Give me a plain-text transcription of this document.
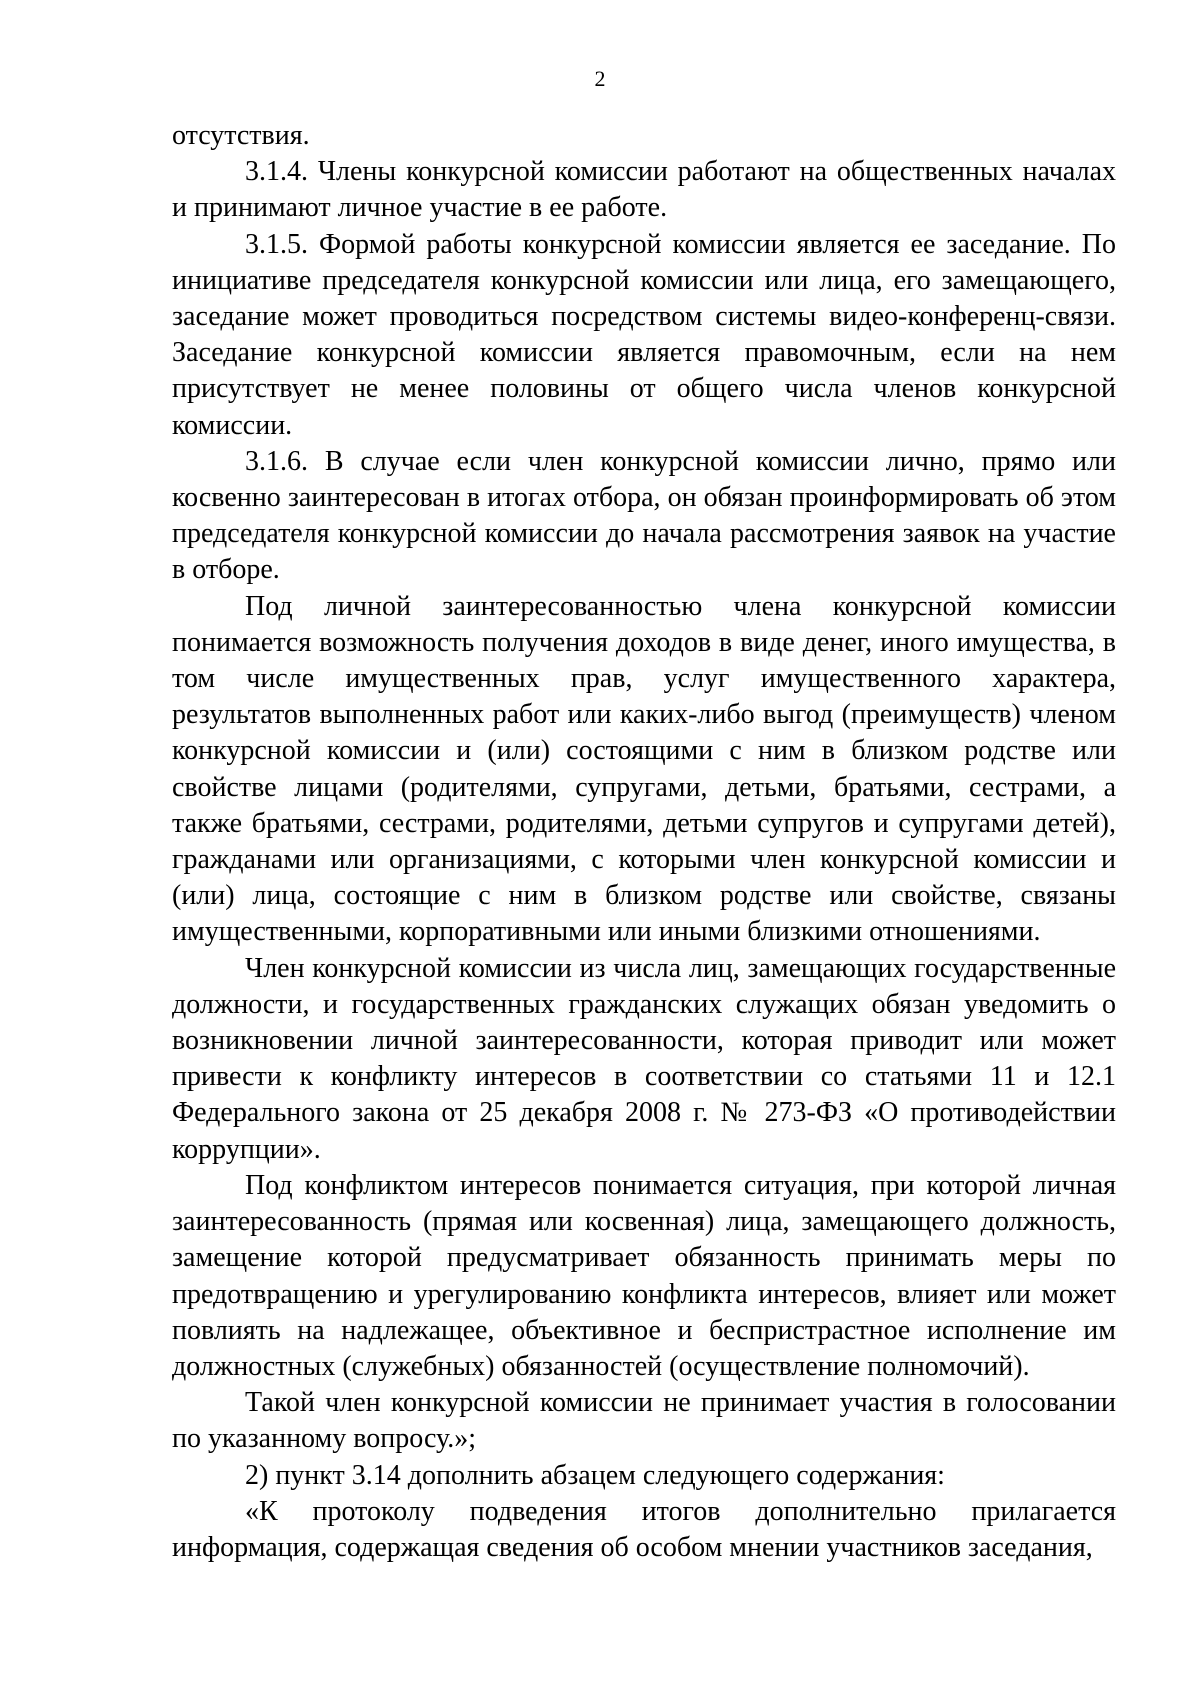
2

отсутствия.

3.1.4. Члены конкурсной комиссии работают на общественных началах и принимают личное участие в ее работе.

3.1.5. Формой работы конкурсной комиссии является ее заседание. По инициативе председателя конкурсной комиссии или лица, его замещающего, заседание может проводиться посредством системы видео-конференц-связи. Заседание конкурсной комиссии является правомочным, если на нем присутствует не менее половины от общего числа членов конкурсной комиссии.

3.1.6. В случае если член конкурсной комиссии лично, прямо или косвенно заинтересован в итогах отбора, он обязан проинформировать об этом председателя конкурсной комиссии до начала рассмотрения заявок на участие в отборе.

Под личной заинтересованностью члена конкурсной комиссии понимается возможность получения доходов в виде денег, иного имущества, в том числе имущественных прав, услуг имущественного характера, результатов выполненных работ или каких-либо выгод (преимуществ) членом конкурсной комиссии и (или) состоящими с ним в близком родстве или свойстве лицами (родителями, супругами, детьми, братьями, сестрами, а также братьями, сестрами, родителями, детьми супругов и супругами детей), гражданами или организациями, с которыми член конкурсной комиссии и (или) лица, состоящие с ним в близком родстве или свойстве, связаны имущественными, корпоративными или иными близкими отношениями.

Член конкурсной комиссии из числа лиц, замещающих государственные должности, и государственных гражданских служащих обязан уведомить о возникновении личной заинтересованности, которая приводит или может привести к конфликту интересов в соответствии со статьями 11 и 12.1 Федерального закона от 25 декабря 2008 г. № 273-ФЗ «О противодействии коррупции».

Под конфликтом интересов понимается ситуация, при которой личная заинтересованность (прямая или косвенная) лица, замещающего должность, замещение которой предусматривает обязанность принимать меры по предотвращению и урегулированию конфликта интересов, влияет или может повлиять на надлежащее, объективное и беспристрастное исполнение им должностных (служебных) обязанностей (осуществление полномочий).

Такой член конкурсной комиссии не принимает участия в голосовании по указанному вопросу.»;

2) пункт 3.14 дополнить абзацем следующего содержания:

«К протоколу подведения итогов дополнительно прилагается информация, содержащая сведения об особом мнении участников заседания,
